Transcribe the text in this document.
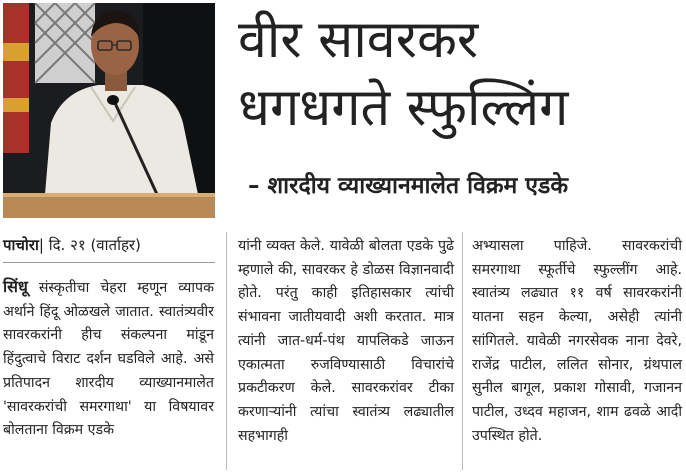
वीर सावरकर
धगधगते स्फुल्लिंग
– शारदीय व्याख्यानमालेत विक्रम एडके
पाचोरा| दि. २१ (वार्ताहर)

सिंधू संस्कृतीचा चेहरा म्हणून व्यापक अर्थाने हिंदू ओळखले जातात. स्वातंत्र्यवीर सावरकरांनी हीच संकल्पना मांडून हिंदुत्वाचे विराट दर्शन घडविले आहे. असे प्रतिपादन शारदीय व्याख्यानमालेत 'सावरकरांची समरगाथा' या विषयावर बोलताना विक्रम एडके

यांनी व्यक्त केले. यावेळी बोलता एडके पुढे म्हणाले की, सावरकर हे डोळस विज्ञानवादी होते. परंतु काही इतिहासकार त्यांची संभावना जातीयवादी अशी करतात. मात्र त्यांनी जात-धर्म-पंथ यापलिकडे जाऊन एकात्मता रुजविण्यासाठी विचारांचे प्रकटीकरण केले. सावरकरांवर टीका करणाऱ्यांनी त्यांचा स्वातंत्र्य लढ्यातील सहभागही

अभ्यासला पाहिजे. सावरकरांची समरगाथा स्फूर्तीचे स्फुल्लींग आहे. स्वातंत्र्य लढ्यात ११ वर्ष सावरकरांनी यातना सहन केल्या, असेही त्यांनी सांगितले. यावेळी नगरसेवक नाना देवरे, राजेंद्र पाटील, ललित सोनार, ग्रंथपाल सुनील बागूल, प्रकाश गोसावी, गजानन पाटील, उध्दव महाजन, शाम ढवळे आदी उपस्थित होते.
